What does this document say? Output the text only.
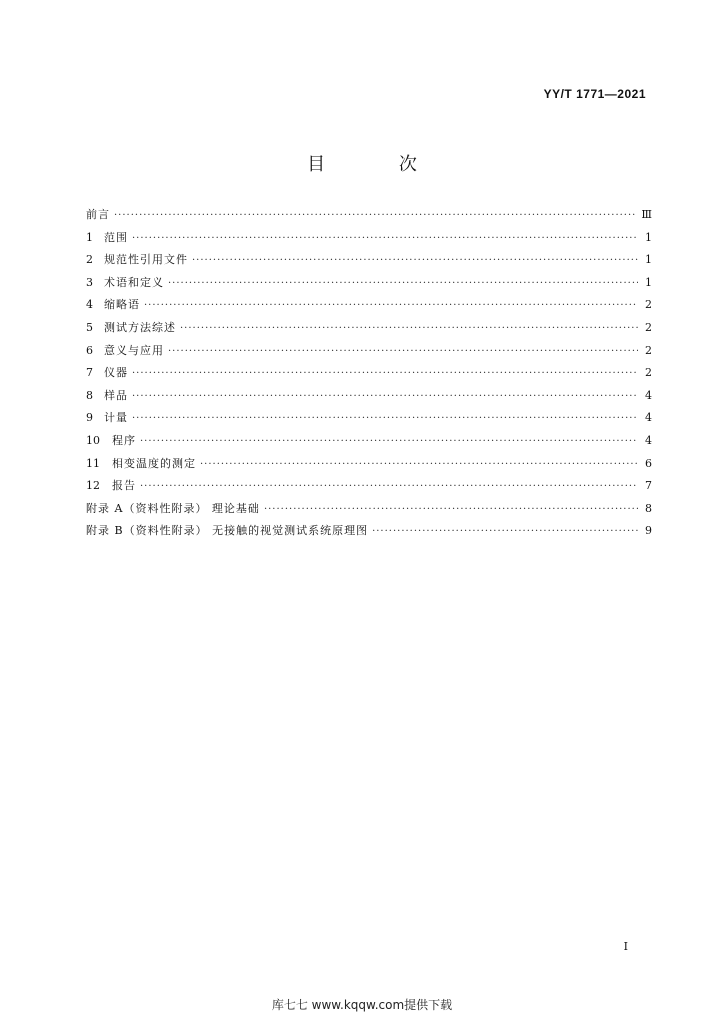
YY/T 1771—2021
目 次
前言 ·····	Ⅲ
1	范围 ·····	1
2	规范性引用文件 ·····	1
3	术语和定义 ·····	1
4	缩略语 ·····	2
5	测试方法综述 ·····	2
6	意义与应用 ·····	2
7	仪器 ·····	2
8	样品 ·····	4
9	计量 ·····	4
10	程序 ·····	4
11	相变温度的测定 ·····	6
12	报告 ·····	7
附录 A（资料性附录） 理论基础 ·····	8
附录 B（资料性附录） 无接触的视觉测试系统原理图 ·····	9
I
库七七 www.kqqw.com提供下载
